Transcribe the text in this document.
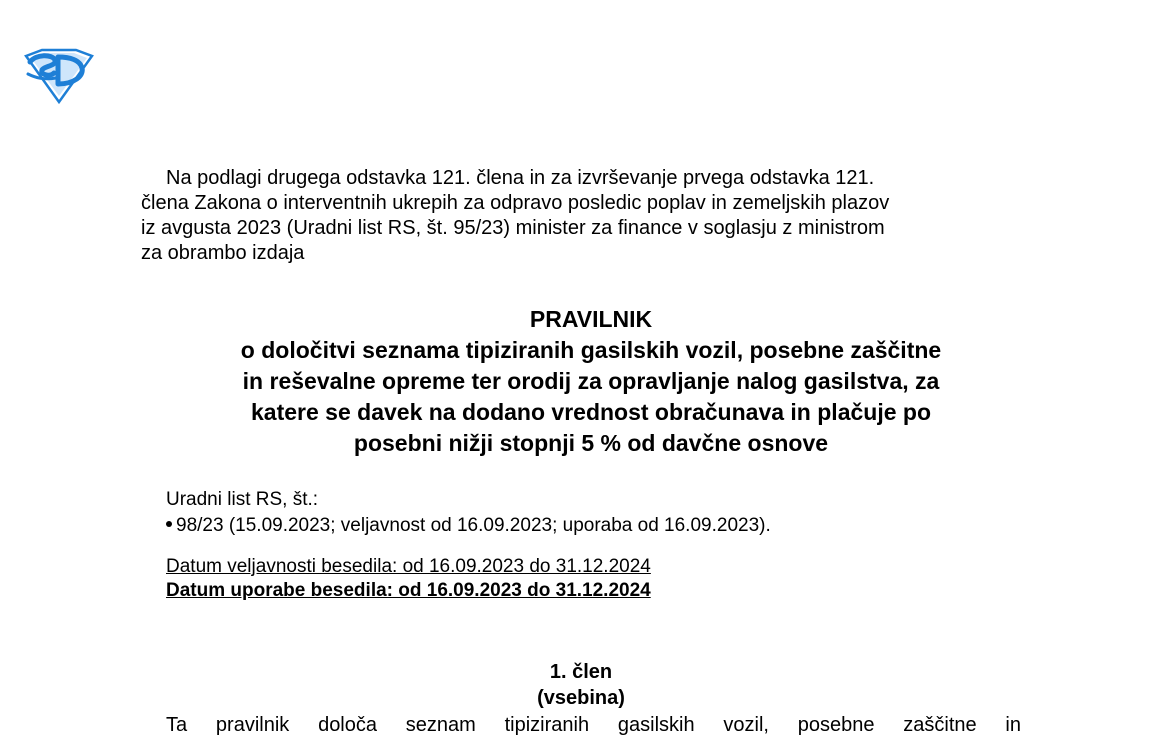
Na podlagi drugega odstavka 121. člena in za izvrševanje prvega odstavka 121.
člena Zakona o interventnih ukrepih za odpravo posledic poplav in zemeljskih plazov
iz avgusta 2023 (Uradni list RS, št. 95/23) minister za finance v soglasju z ministrom
za obrambo izdaja
PRAVILNIK
o določitvi seznama tipiziranih gasilskih vozil, posebne zaščitne
in reševalne opreme ter orodij za opravljanje nalog gasilstva, za
katere se davek na dodano vrednost obračunava in plačuje po
posebni nižji stopnji 5 % od davčne osnove
Uradni list RS, št.:
98/23 (15.09.2023; veljavnost od 16.09.2023; uporaba od 16.09.2023).
Datum veljavnosti besedila: od 16.09.2023 do 31.12.2024
Datum uporabe besedila: od 16.09.2023 do 31.12.2024
1. člen
(vsebina)
Ta pravilnik določa seznam tipiziranih gasilskih vozil, posebne zaščitne in
